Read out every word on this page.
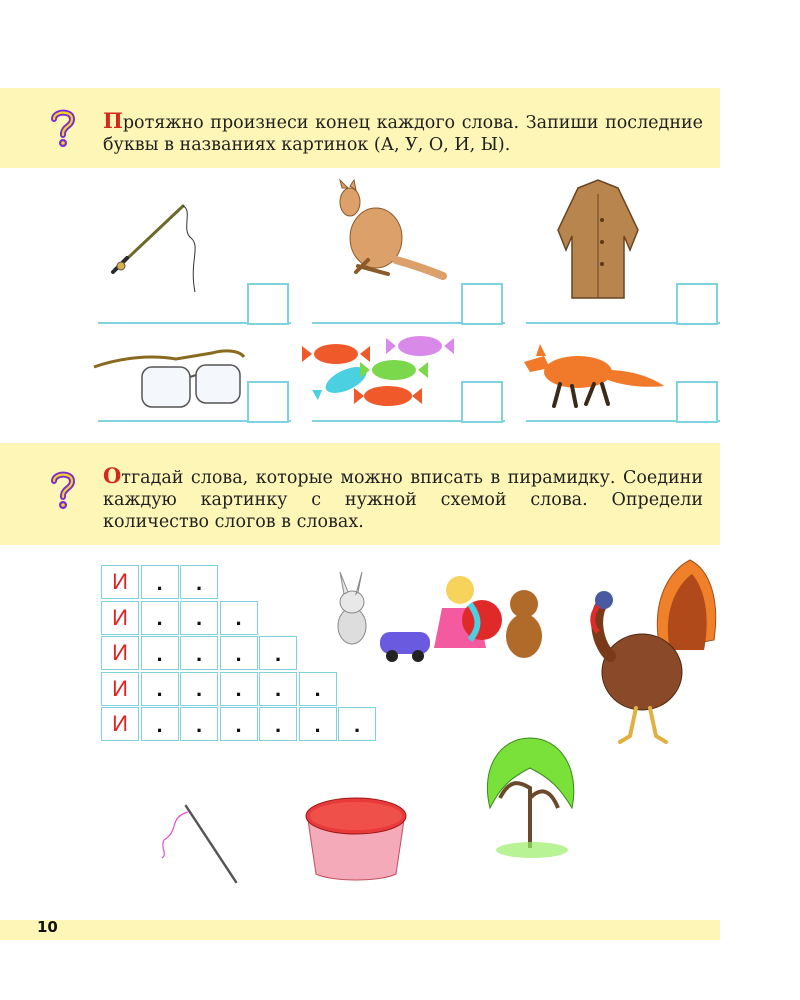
Протяжно произнеси конец каждого слова. Запиши последние буквы в названиях картинок (А, У, О, И, Ы).
Отгадай слова, которые можно вписать в пирамидку. Соедини каждую картинку с нужной схемой слова. Определи количество слогов в словах.
И	.	.
И	.	.	.
И	.	.	.	.
И	.	.	.	.	.
И	.	.	.	.	.	.
10
